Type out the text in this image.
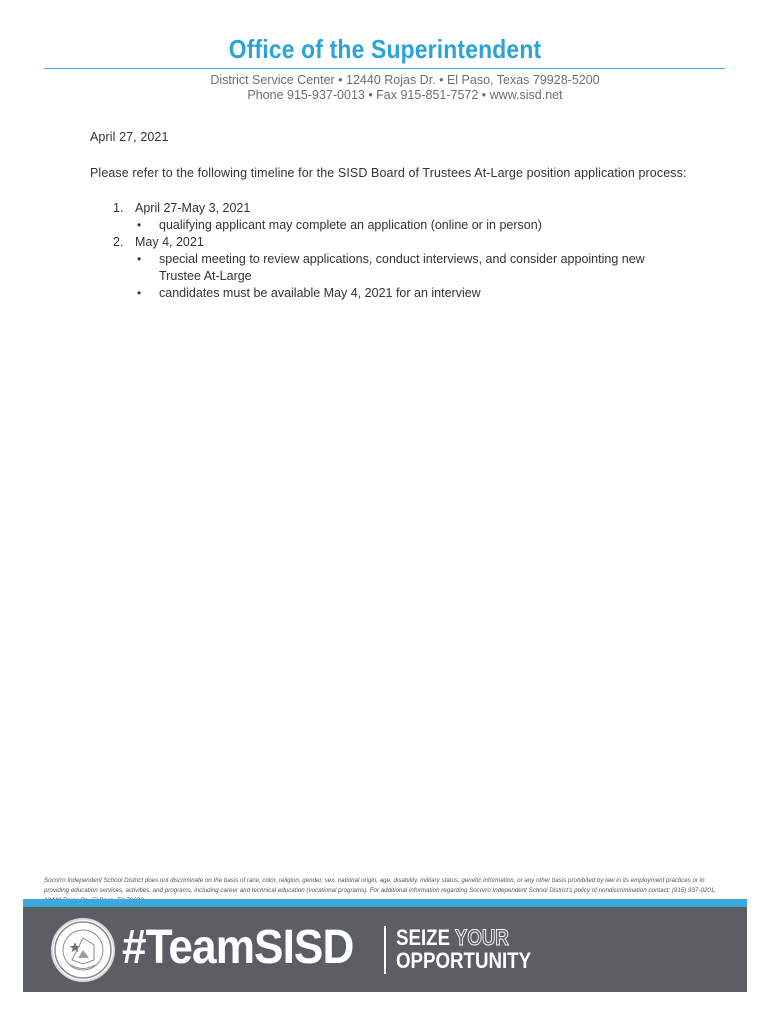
Office of the Superintendent
District Service Center • 12440 Rojas Dr. • El Paso, Texas 79928-5200
Phone 915-937-0013 • Fax 915-851-7572 • www.sisd.net
April 27, 2021
Please refer to the following timeline for the SISD Board of Trustees At-Large position application process:
1. April 27-May 3, 2021
• qualifying applicant may complete an application (online or in person)
2. May 4, 2021
• special meeting to review applications, conduct interviews, and consider appointing new Trustee At-Large
• candidates must be available May 4, 2021 for an interview
Socorro Independent School District does not discriminate on the basis of race, color, religion, gender, sex, national origin, age, disability, military status, genetic information, or any other basis prohibited by law in its employment practices or in providing education services, activities, and programs, including career and technical education (vocational programs). For additional information regarding Socorro Independent School District's policy of nondiscrimination contact: (915) 937-0201,
#TeamSISD SEIZE YOUR
OPPORTUNITY
